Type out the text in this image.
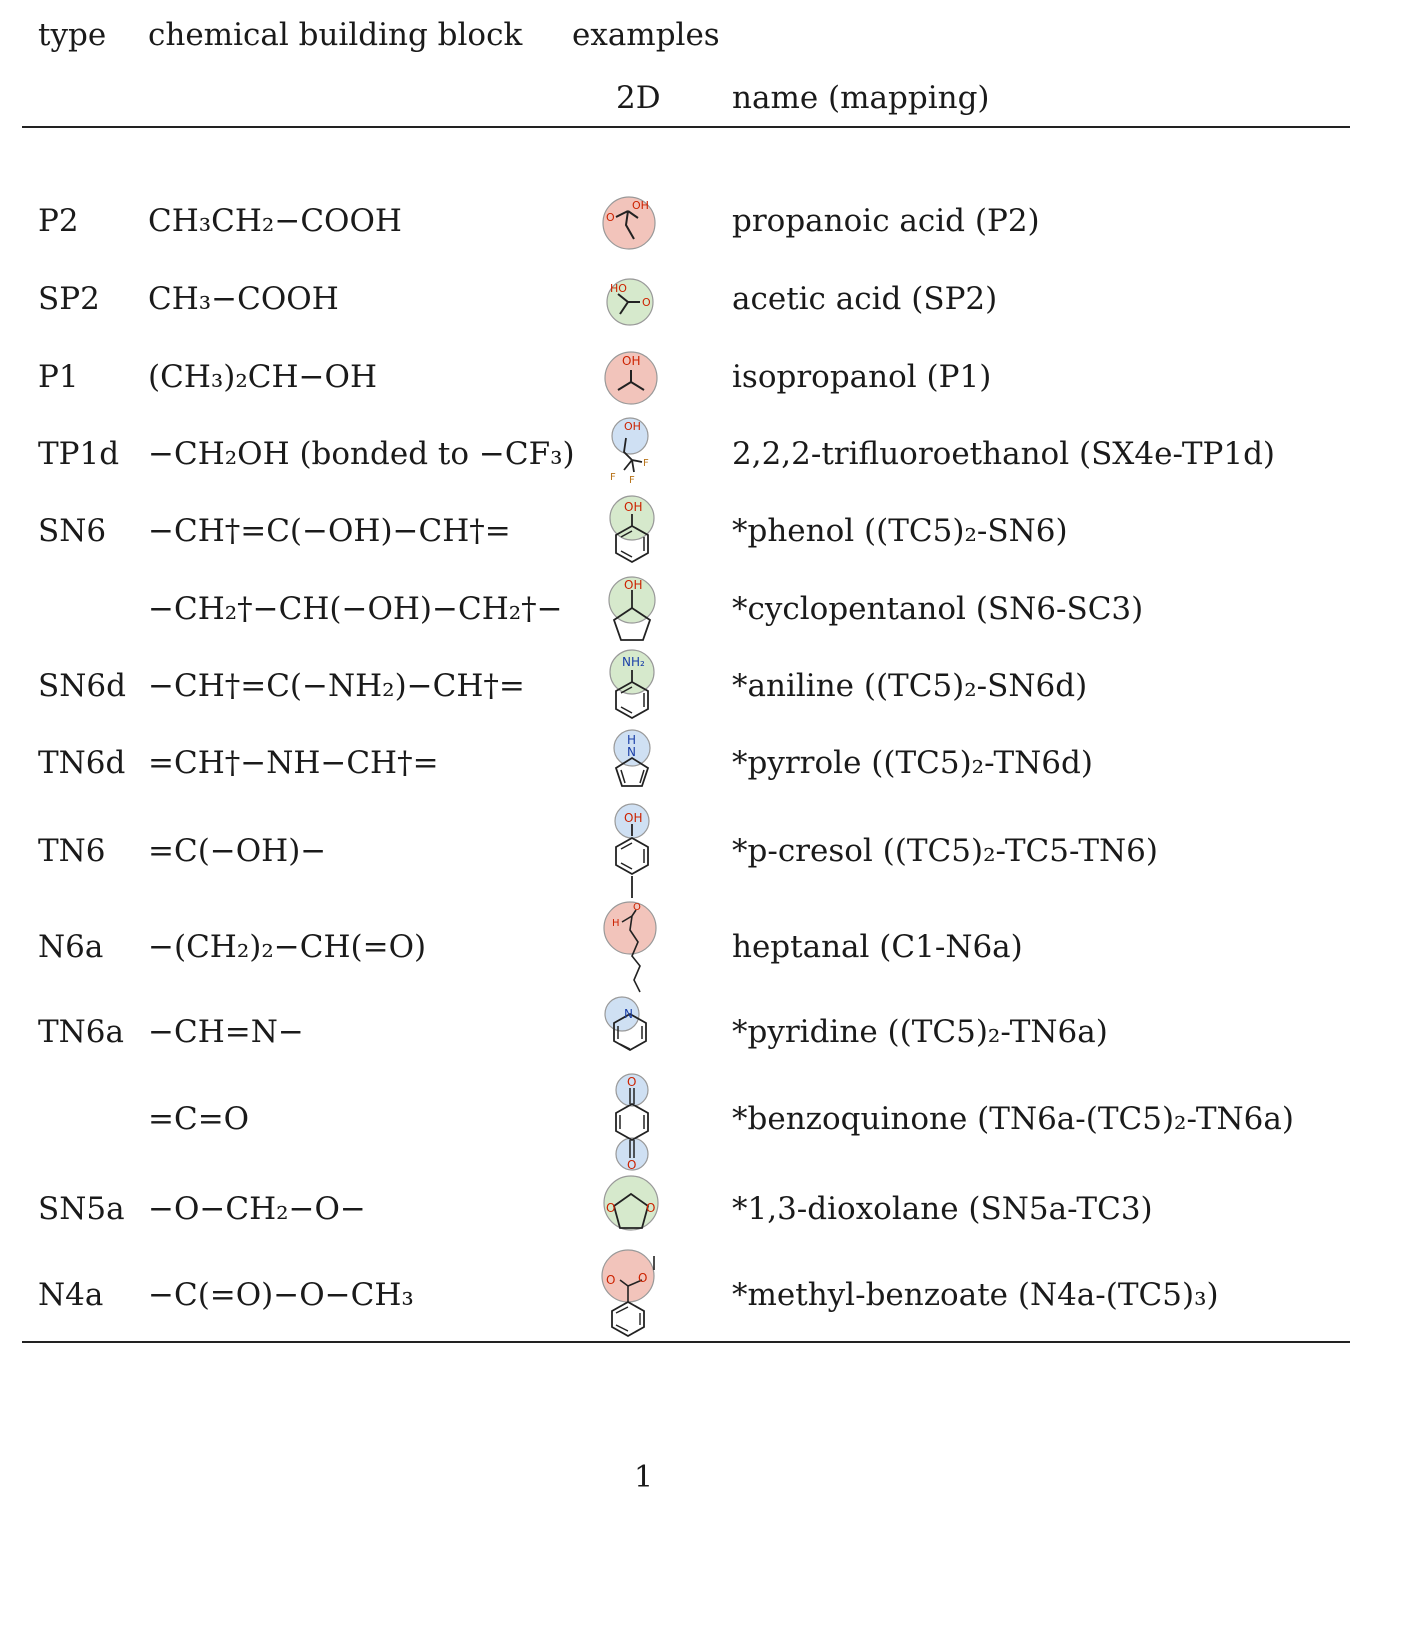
type chemical building block examples
2D name (mapping)
P2 CH₃CH₂−COOH	propanoic acid (P2)
O
OH
SP2 CH₃−COOH	acetic acid (SP2)
HO
O
P1 (CH₃)₂CH−OH	isopropanol (P1)
OH
TP1d −CH₂OH (bonded to −CF₃)	2,2,2-trifluoroethanol (SX4e-TP1d)
OH
F
F F
SN6 −CH†=C(−OH)−CH†=	*phenol ((TC5)₂-SN6)
OH
−CH₂†−CH(−OH)−CH₂†−	*cyclopentanol (SN6-SC3)
OH
SN6d −CH†=C(−NH₂)−CH†=	*aniline ((TC5)₂-SN6d)
NH₂
TN6d =CH†−NH−CH†=	*pyrrole ((TC5)₂-TN6d)
H
N
TN6 =C(−OH)−	*p-cresol ((TC5)₂-TC5-TN6)
OH
N6a −(CH₂)₂−CH(=O)	heptanal (C1-N6a)
H
O
TN6a −CH=N−	*pyridine ((TC5)₂-TN6a)
N
=C=O	*benzoquinone (TN6a-(TC5)₂-TN6a)
O
O
SN5a −O−CH₂−O−	*1,3-dioxolane (SN5a-TC3)
O	O
N4a −C(=O)−O−CH₃	*methyl-benzoate (N4a-(TC5)₃)
O O
1
